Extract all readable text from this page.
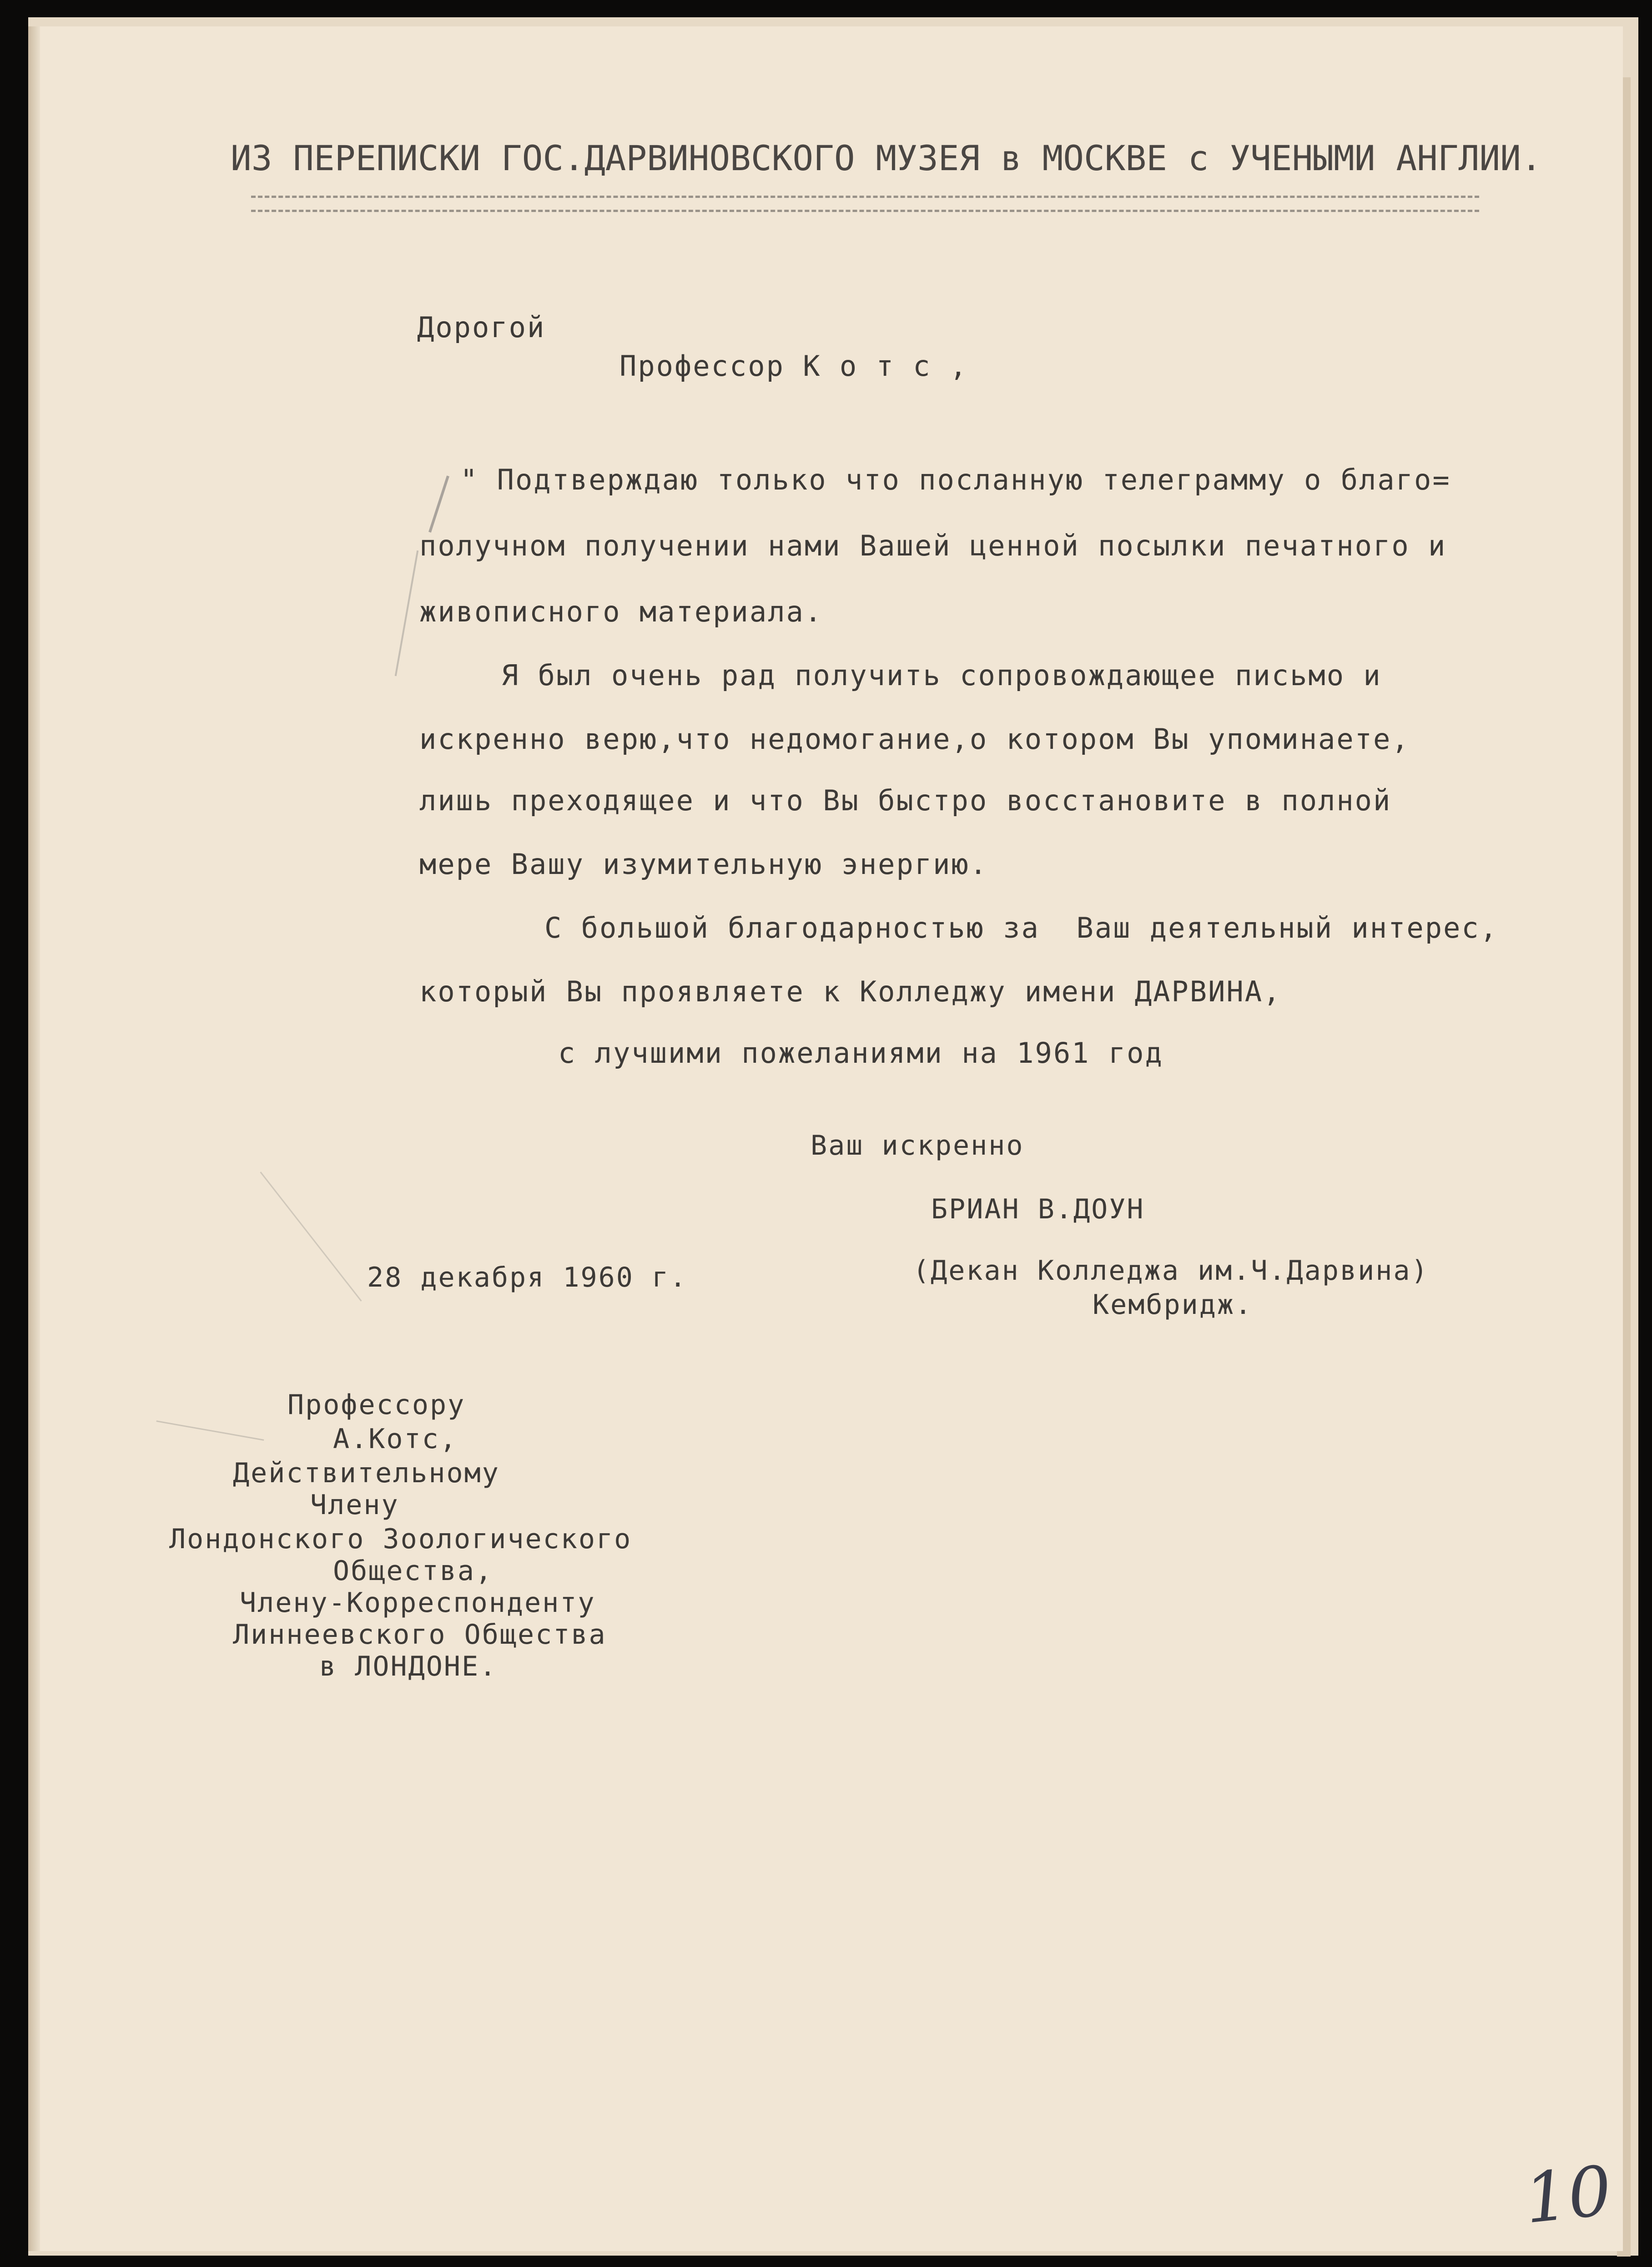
ИЗ ПЕРЕПИСКИ ГОС.ДАРВИНОВСКОГО МУЗЕЯ в МОСКВЕ с УЧЕНЫМИ АНГЛИИ.
Дорогой
Профессор К о т с ,
" Подтверждаю только что посланную телеграмму о благо=
получном получении нами Вашей ценной посылки печатного и
живописного материала.
Я был очень рад получить сопровождающее письмо и
искренно верю,что недомогание,о котором Вы упоминаете,
лишь преходящее и что Вы быстро восстановите в полной
мере Вашу изумительную энергию.
С большой благодарностью за  Ваш деятельный интерес,
который Вы проявляете к Колледжу имени ДАРВИНА,
с лучшими пожеланиями на 1961 год
Ваш искренно
БРИАН В.ДОУН
28 декабря 1960 г.	(Декан Колледжа им.Ч.Дарвина)
Кембридж.
Профессору
А.Котс,
Действительному
Члену
Лондонского Зоологического
Общества,
Члену-Корреспонденту
Линнеевского Общества
в ЛОНДОНЕ.
10
